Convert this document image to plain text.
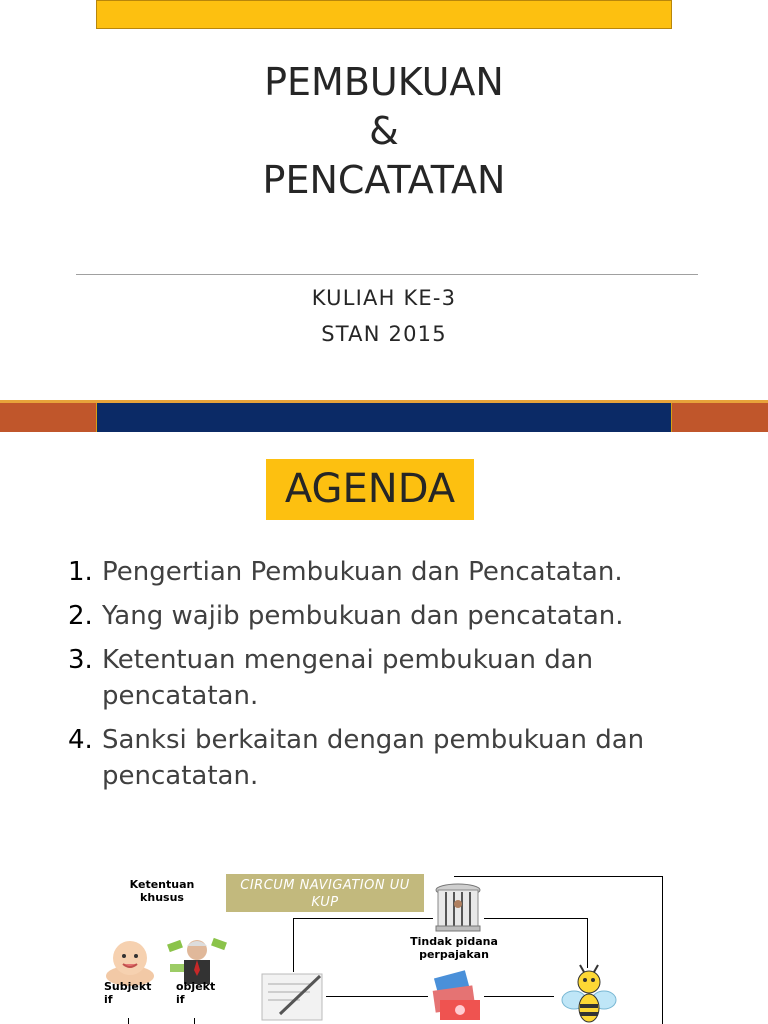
PEMBUKUAN
&
PENCATATAN
KULIAH KE-3
STAN 2015
AGENDA
1. Pengertian Pembukuan dan Pencatatan.
2. Yang wajib pembukuan dan pencatatan.
3. Ketentuan mengenai pembukuan dan pencatatan.
4. Sanksi berkaitan dengan pembukuan dan pencatatan.
CIRCUM NAVIGATION UU KUP
Ketentuan khusus
Tindak pidana perpajakan
Subjekt if
objekt if
